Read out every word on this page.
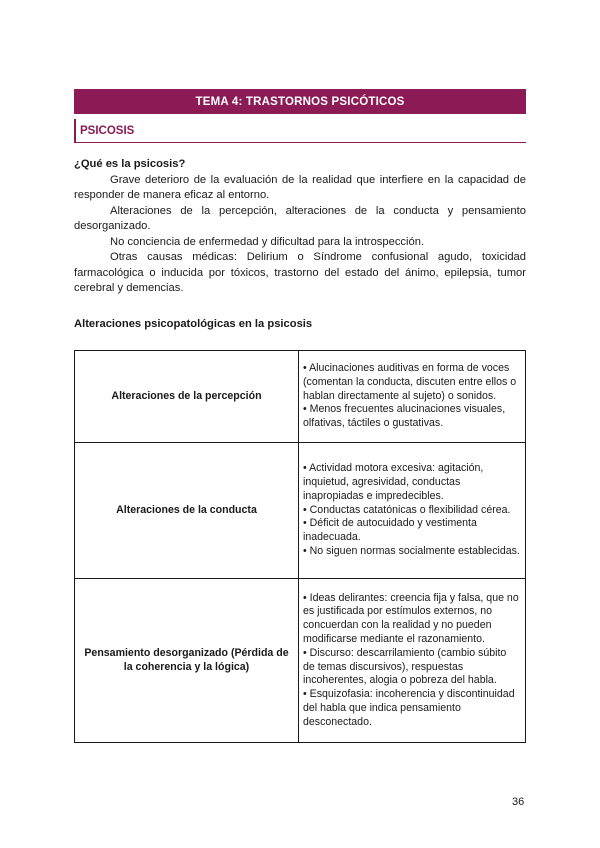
TEMA 4: TRASTORNOS PSICÓTICOS
PSICOSIS

¿Qué es la psicosis?

Grave deterioro de la evaluación de la realidad que interfiere en la capacidad de responder de manera eficaz al entorno.

Alteraciones de la percepción, alteraciones de la conducta y pensamiento desorganizado.

No conciencia de enfermedad y dificultad para la introspección.

Otras causas médicas: Delirium o Síndrome confusional agudo, toxicidad farmacológica o inducida por tóxicos, trastorno del estado del ánimo, epilepsia, tumor cerebral y demencias.

Alteraciones psicopatológicas en la psicosis
Alteraciones de la percepción	• Alucinaciones auditivas en forma de voces (comentan la conducta, discuten entre ellos o hablan directamente al sujeto) o sonidos.
• Menos frecuentes alucinaciones visuales, olfativas, táctiles o gustativas.

Alteraciones de la conducta	• Actividad motora excesiva: agitación, inquietud, agresividad, conductas inapropiadas e impredecibles.
• Conductas catatónicas o flexibilidad cérea.
• Déficit de autocuidado y vestimenta inadecuada.
• No siguen normas socialmente establecidas.

Pensamiento desorganizado (Pérdida de la coherencia y la lógica)	• Ideas delirantes: creencia fija y falsa, que no es justificada por estímulos externos, no concuerdan con la realidad y no pueden modificarse mediante el razonamiento.
• Discurso: descarrilamiento (cambio súbito de temas discursivos), respuestas incoherentes, alogia o pobreza del habla.
• Esquizofasia: incoherencia y discontinuidad del habla que indica pensamiento desconectado.
36
